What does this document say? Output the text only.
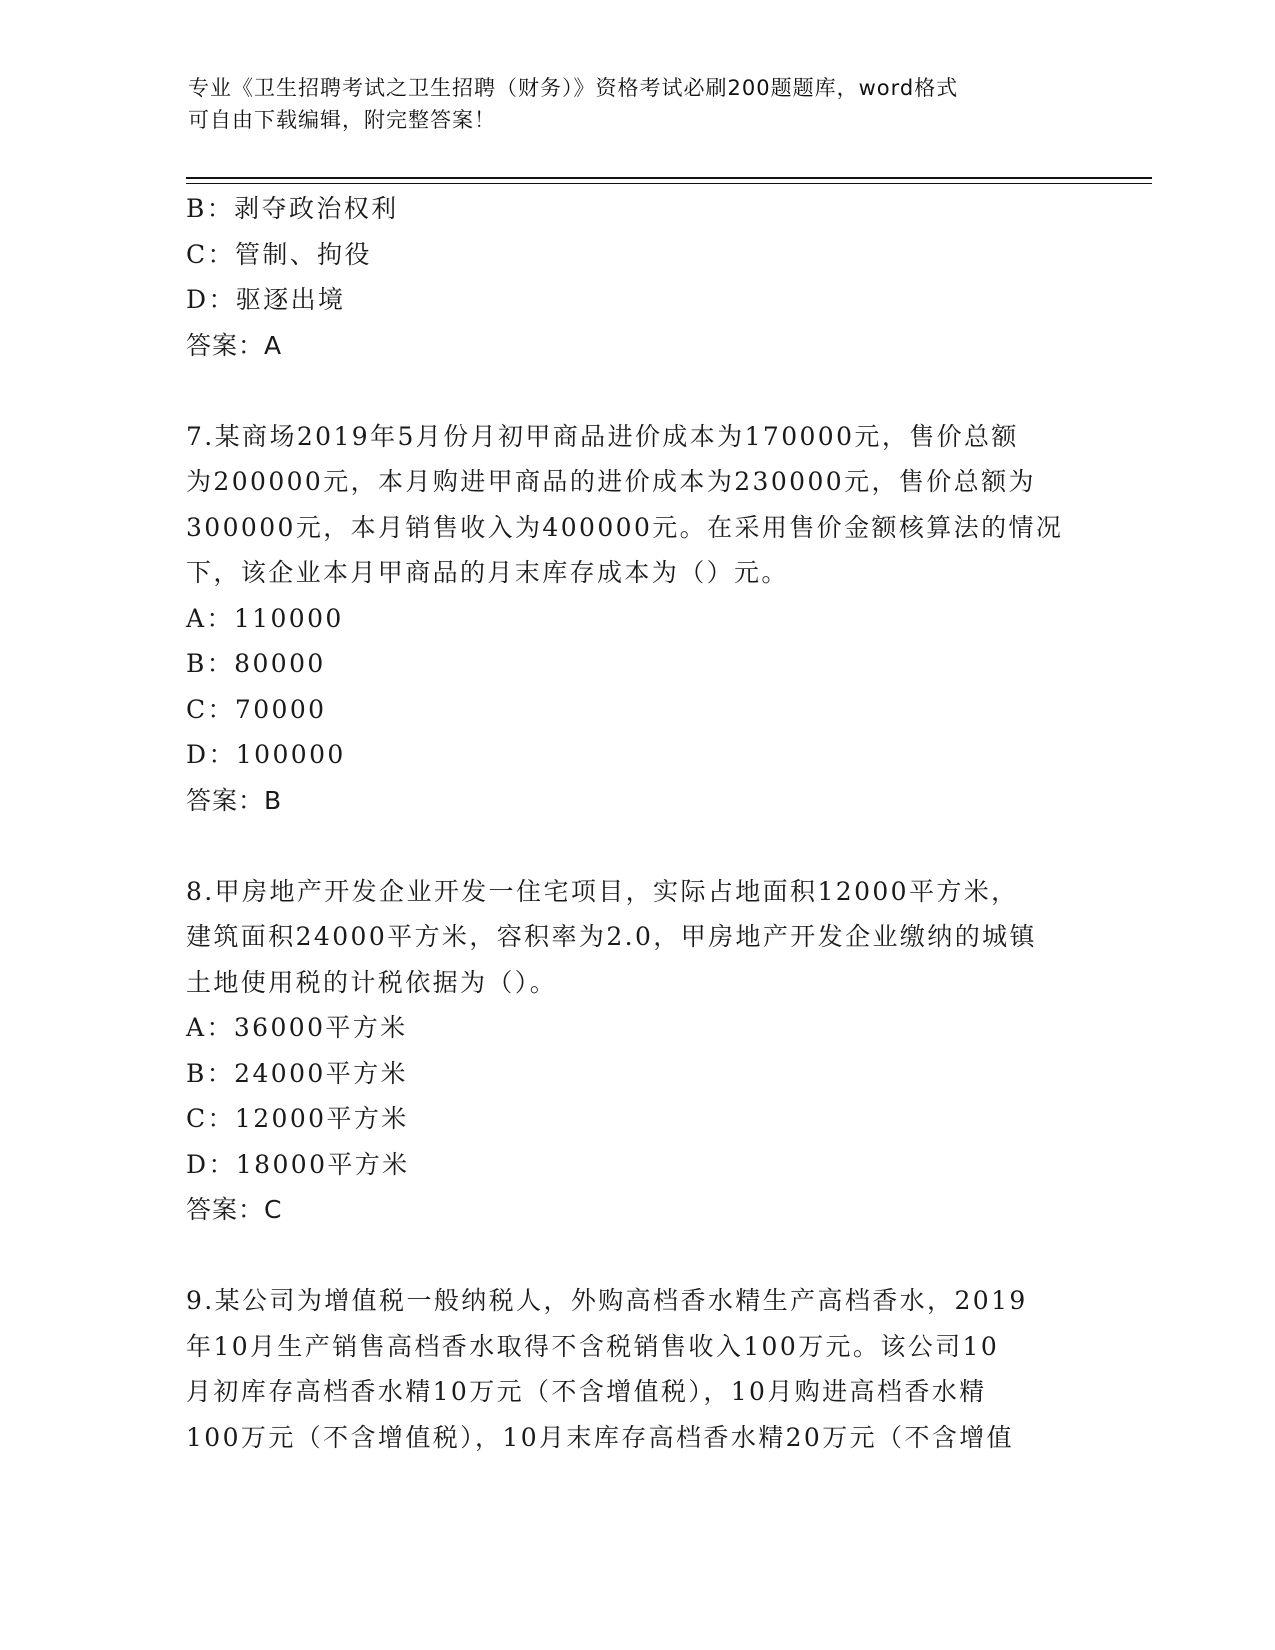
专业《卫生招聘考试之卫生招聘（财务）》资格考试必刷200题题库，word格式
可自由下载编辑，附完整答案！
B：剥夺政治权利
C：管制、拘役
D：驱逐出境
答案：A
7.某商场2019年5月份月初甲商品进价成本为170000元，售价总额
为200000元，本月购进甲商品的进价成本为230000元，售价总额为
300000元，本月销售收入为400000元。在采用售价金额核算法的情况
下，该企业本月甲商品的月末库存成本为（）元。
A：110000
B：80000
C：70000
D：100000
答案：B
8.甲房地产开发企业开发一住宅项目，实际占地面积12000平方米，
建筑面积24000平方米，容积率为2.0，甲房地产开发企业缴纳的城镇
土地使用税的计税依据为（）。
A：36000平方米
B：24000平方米
C：12000平方米
D：18000平方米
答案：C
9.某公司为增值税一般纳税人，外购高档香水精生产高档香水，2019
年10月生产销售高档香水取得不含税销售收入100万元。该公司10
月初库存高档香水精10万元（不含增值税），10月购进高档香水精
100万元（不含增值税），10月末库存高档香水精20万元（不含增值
